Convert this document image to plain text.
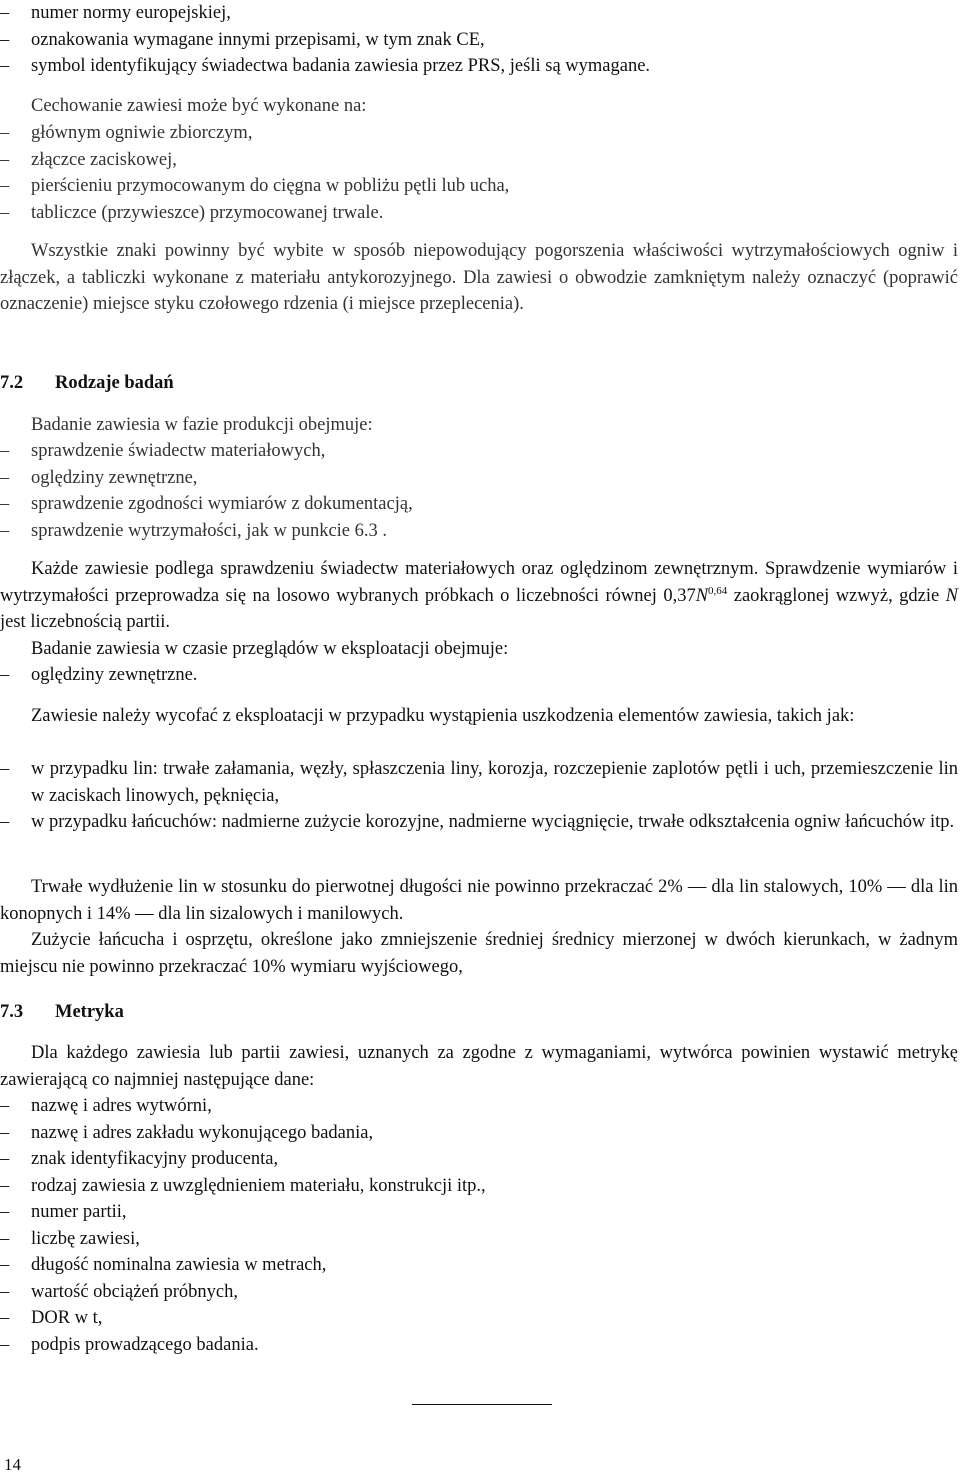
– numer normy europejskiej,
– oznakowania wymagane innymi przepisami, w tym znak CE,
– symbol identyfikujący świadectwa badania zawiesia przez PRS, jeśli są wymagane.
Cechowanie zawiesi może być wykonane na:
– głównym ogniwie zbiorczym,
– złączce zaciskowej,
– pierścieniu przymocowanym do cięgna w pobliżu pętli lub ucha,
– tabliczce (przywieszce) przymocowanej trwale.
Wszystkie znaki powinny być wybite w sposób niepowodujący pogorszenia właściwości wytrzymałościowych ogniw i złączek, a tabliczki wykonane z materiału antykorozyjnego. Dla zawiesi o obwodzie zamkniętym należy oznaczyć (poprawić oznaczenie) miejsce styku czołowego rdzenia (i miejsce przeplecenia).
7.2 Rodzaje badań
Badanie zawiesia w fazie produkcji obejmuje:
– sprawdzenie świadectw materiałowych,
– oględziny zewnętrzne,
– sprawdzenie zgodności wymiarów z dokumentacją,
– sprawdzenie wytrzymałości, jak w punkcie 6.3 .
Każde zawiesie podlega sprawdzeniu świadectw materiałowych oraz oględzinom zewnętrznym. Sprawdzenie wymiarów i wytrzymałości przeprowadza się na losowo wybranych próbkach o liczebności równej $0,37N^{0,64}$ zaokrąglonej wzwyż, gdzie N jest liczebnością partii.
Badanie zawiesia w czasie przeglądów w eksploatacji obejmuje:
– oględziny zewnętrzne.
Zawiesie należy wycofać z eksploatacji w przypadku wystąpienia uszkodzenia elementów zawiesia, takich jak:
– w przypadku lin: trwałe załamania, węzły, spłaszczenia liny, korozja, rozczepienie zaplotów pętli i uch, przemieszczenie lin w zaciskach linowych, pęknięcia,
– w przypadku łańcuchów: nadmierne zużycie korozyjne, nadmierne wyciągnięcie, trwałe odkształcenia ogniw łańcuchów itp.
Trwałe wydłużenie lin w stosunku do pierwotnej długości nie powinno przekraczać 2% — dla lin stalowych, 10% — dla lin konopnych i 14% — dla lin sizalowych i manilowych.
Zużycie łańcucha i osprzętu, określone jako zmniejszenie średniej średnicy mierzonej w dwóch kierunkach, w żadnym miejscu nie powinno przekraczać 10% wymiaru wyjściowego,
7.3 Metryka
Dla każdego zawiesia lub partii zawiesi, uznanych za zgodne z wymaganiami, wytwórca powinien wystawić metrykę zawierającą co najmniej następujące dane:
– nazwę i adres wytwórni,
– nazwę i adres zakładu wykonującego badania,
– znak identyfikacyjny producenta,
– rodzaj zawiesia z uwzględnieniem materiału, konstrukcji itp.,
– numer partii,
– liczbę zawiesi,
– długość nominalna zawiesia w metrach,
– wartość obciążeń próbnych,
– DOR w t,
– podpis prowadzącego badania.
14
